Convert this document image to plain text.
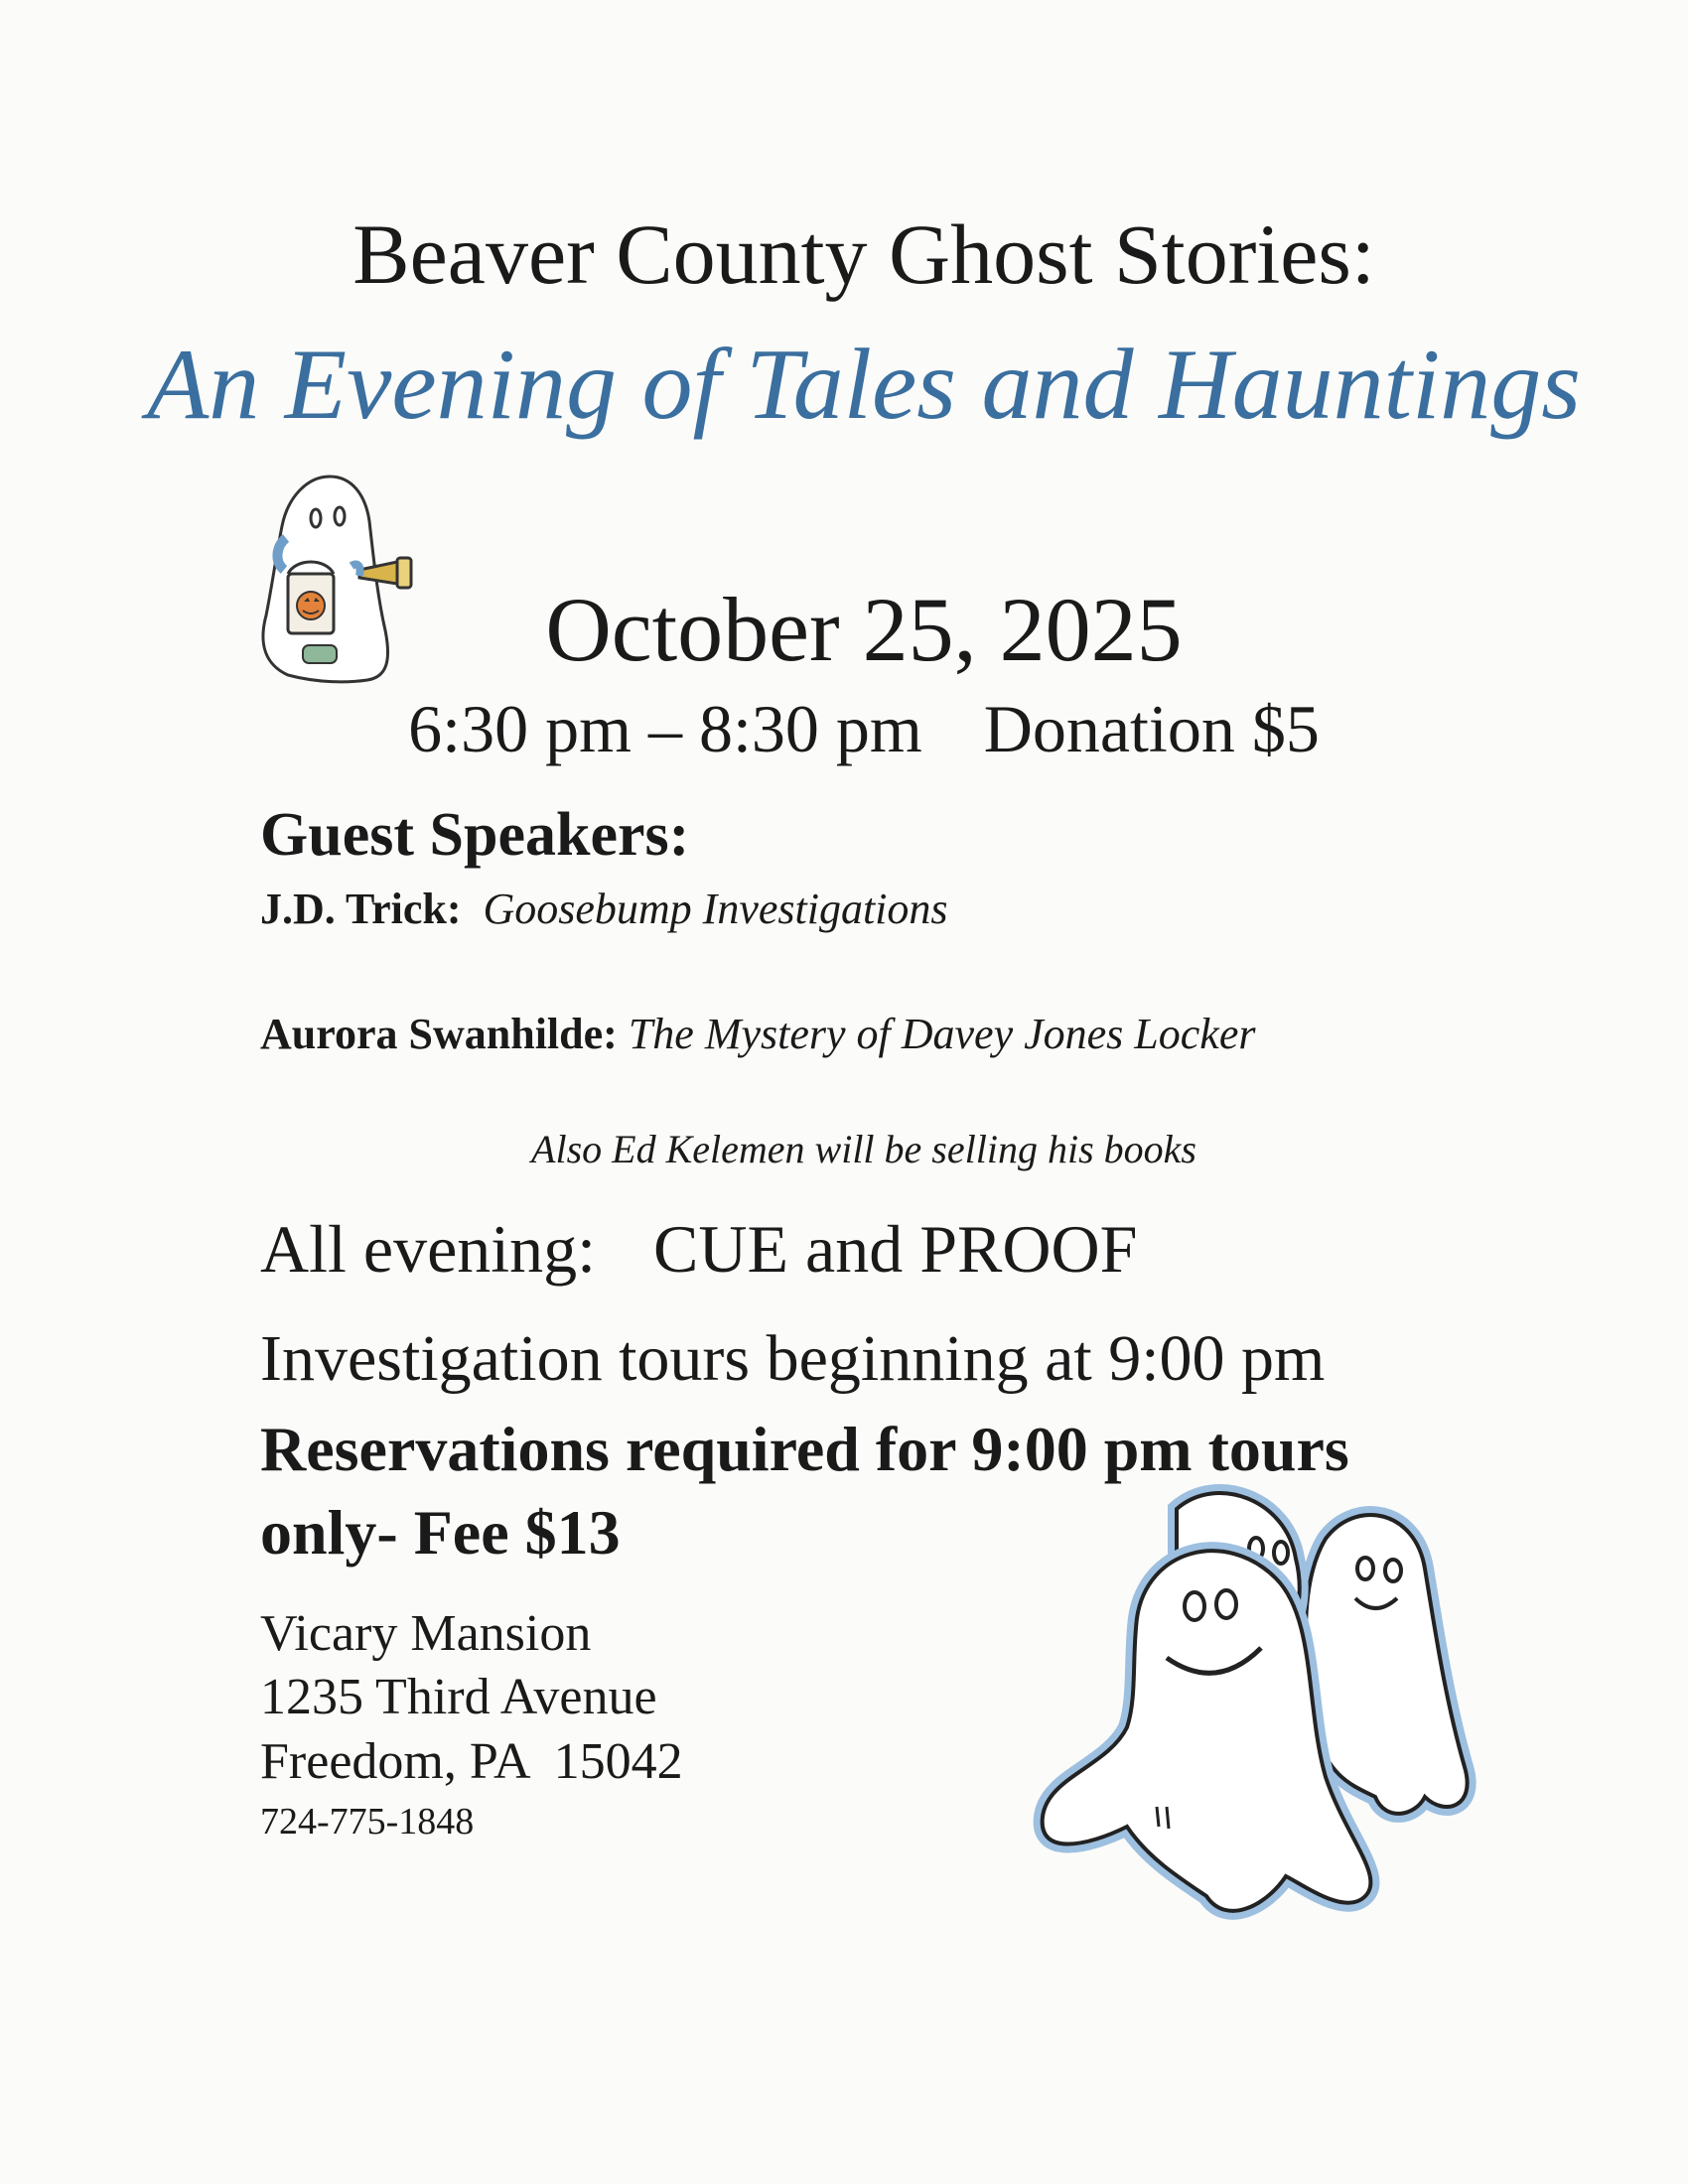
Beaver County Ghost Stories:
An Evening of Tales and Hauntings
October 25, 2025
6:30 pm – 8:30 pm Donation $5
Guest Speakers:
J.D. Trick: Goosebump Investigations
Aurora Swanhilde: The Mystery of Davey Jones Locker
Also Ed Kelemen will be selling his books
All evening: CUE and PROOF
Investigation tours beginning at 9:00 pm
Reservations required for 9:00 pm tours only- Fee $13
Vicary Mansion
1235 Third Avenue
Freedom, PA  15042
724-775-1848
